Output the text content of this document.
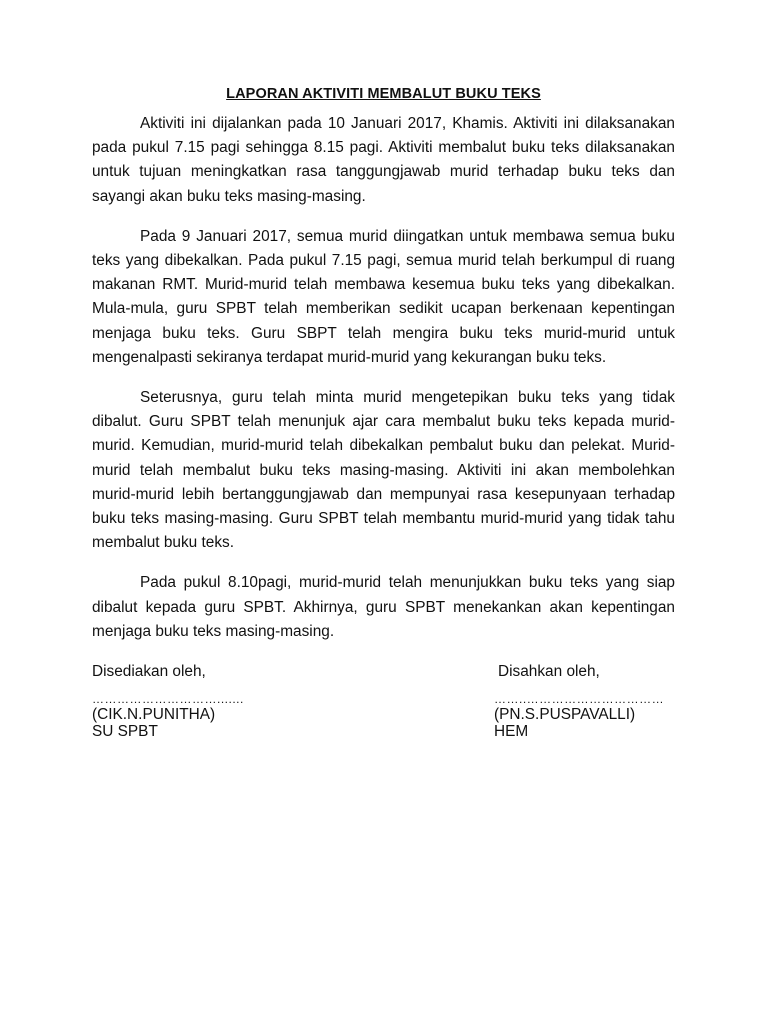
LAPORAN AKTIVITI MEMBALUT BUKU TEKS

Aktiviti ini dijalankan pada 10 Januari 2017, Khamis. Aktiviti ini dilaksanakan pada pukul 7.15 pagi sehingga 8.15 pagi. Aktiviti membalut buku teks dilaksanakan untuk tujuan meningkatkan rasa tanggungjawab murid terhadap buku teks dan sayangi akan buku teks masing-masing.

Pada 9 Januari 2017, semua murid diingatkan untuk membawa semua buku teks yang dibekalkan. Pada pukul 7.15 pagi, semua murid telah berkumpul di ruang makanan RMT. Murid-murid telah membawa kesemua buku teks yang dibekalkan. Mula-mula, guru SPBT telah memberikan sedikit ucapan berkenaan kepentingan menjaga buku teks. Guru SBPT telah mengira buku teks murid-murid untuk mengenalpasti sekiranya terdapat murid-murid yang kekurangan buku teks.

Seterusnya, guru telah minta murid mengetepikan buku teks yang tidak dibalut. Guru SPBT telah menunjuk ajar cara membalut buku teks kepada murid-murid. Kemudian, murid-murid telah dibekalkan pembalut buku dan pelekat. Murid-murid telah membalut buku teks masing-masing. Aktiviti ini akan membolehkan murid-murid lebih bertanggungjawab dan mempunyai rasa kesepunyaan terhadap buku teks masing-masing. Guru SPBT telah membantu murid-murid yang tidak tahu membalut buku teks.

Pada pukul 8.10pagi, murid-murid telah menunjukkan buku teks yang siap dibalut kepada guru SPBT. Akhirnya, guru SPBT menekankan akan kepentingan menjaga buku teks masing-masing.

Disediakan oleh,
………………………….......
(CIK.N.PUNITHA)
SU SPBT
Disahkan oleh,
……..……………………………
(PN.S.PUSPAVALLI)
HEM
